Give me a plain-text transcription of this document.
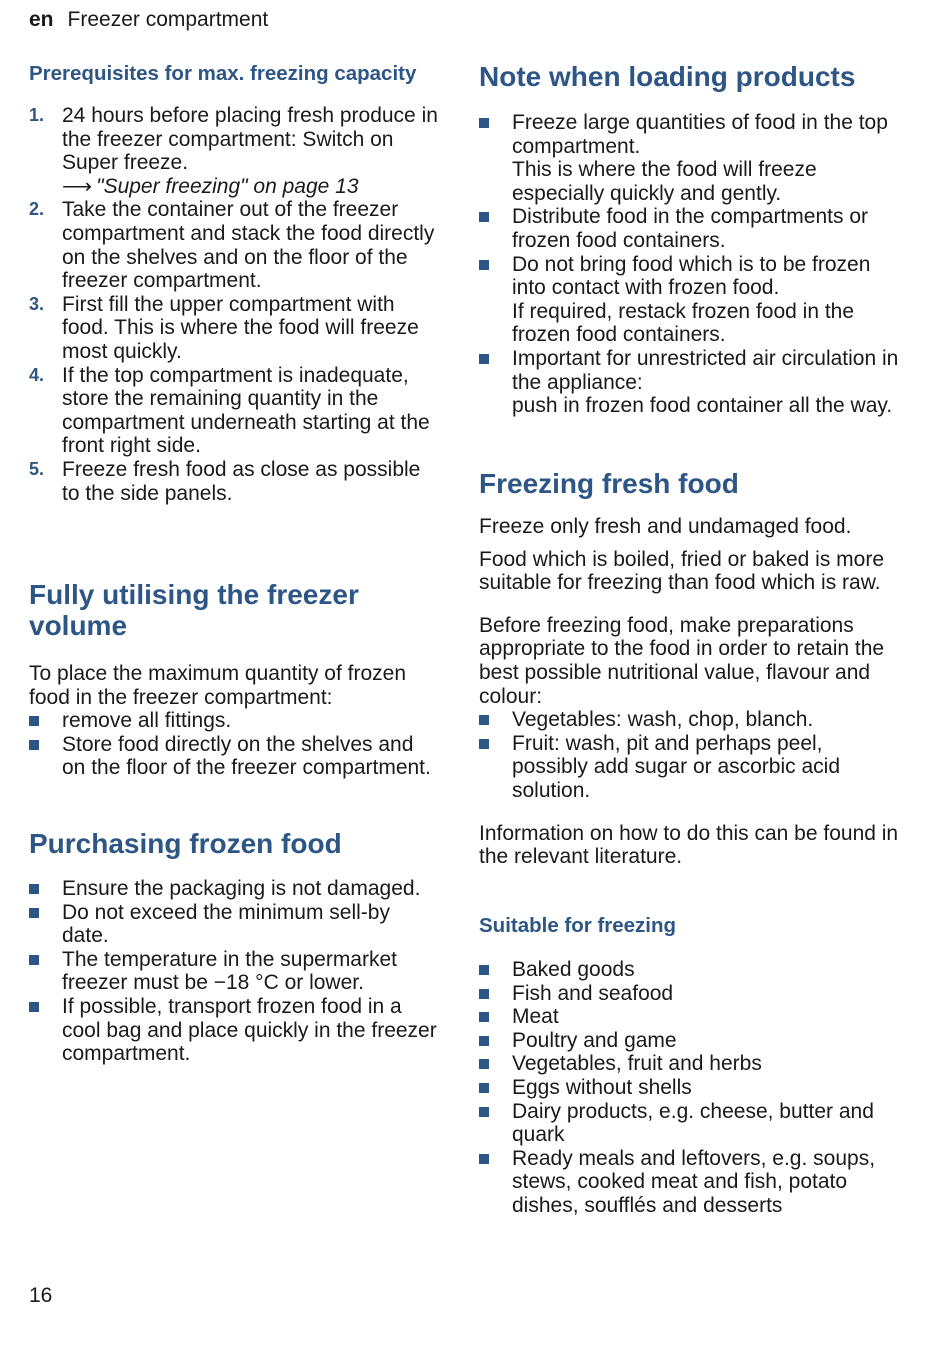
en Freezer compartment
Prerequisites for max. freezing capacity
1. 24 hours before placing fresh produce in the freezer compartment: Switch on Super freeze.
⟶ "Super freezing" on page 13
2. Take the container out of the freezer compartment and stack the food directly on the shelves and on the floor of the freezer compartment.
3. First fill the upper compartment with food. This is where the food will freeze most quickly.
4. If the top compartment is inadequate, store the remaining quantity in the compartment underneath starting at the front right side.
5. Freeze fresh food as close as possible to the side panels.
Fully utilising the freezer volume

To place the maximum quantity of frozen food in the freezer compartment:

remove all fittings.
Store food directly on the shelves and on the floor of the freezer compartment.
Purchasing frozen food
Ensure the packaging is not damaged.
Do not exceed the minimum sell-by date.
The temperature in the supermarket freezer must be −18 °C or lower.
If possible, transport frozen food in a cool bag and place quickly in the freezer compartment.
Note when loading products
Freeze large quantities of food in the top compartment.
This is where the food will freeze especially quickly and gently.
Distribute food in the compartments or frozen food containers.
Do not bring food which is to be frozen into contact with frozen food.
If required, restack frozen food in the frozen food containers.
Important for unrestricted air circulation in the appliance:
push in frozen food container all the way.
Freezing fresh food

Freeze only fresh and undamaged food.

Food which is boiled, fried or baked is more suitable for freezing than food which is raw.

Before freezing food, make preparations appropriate to the food in order to retain the best possible nutritional value, flavour and colour:

Vegetables: wash, chop, blanch.
Fruit: wash, pit and perhaps peel, possibly add sugar or ascorbic acid solution.

Information on how to do this can be found in the relevant literature.

Suitable for freezing
Baked goods
Fish and seafood
Meat
Poultry and game
Vegetables, fruit and herbs
Eggs without shells
Dairy products, e.g. cheese, butter and quark
Ready meals and leftovers, e.g. soups, stews, cooked meat and fish, potato dishes, soufflés and desserts
16
